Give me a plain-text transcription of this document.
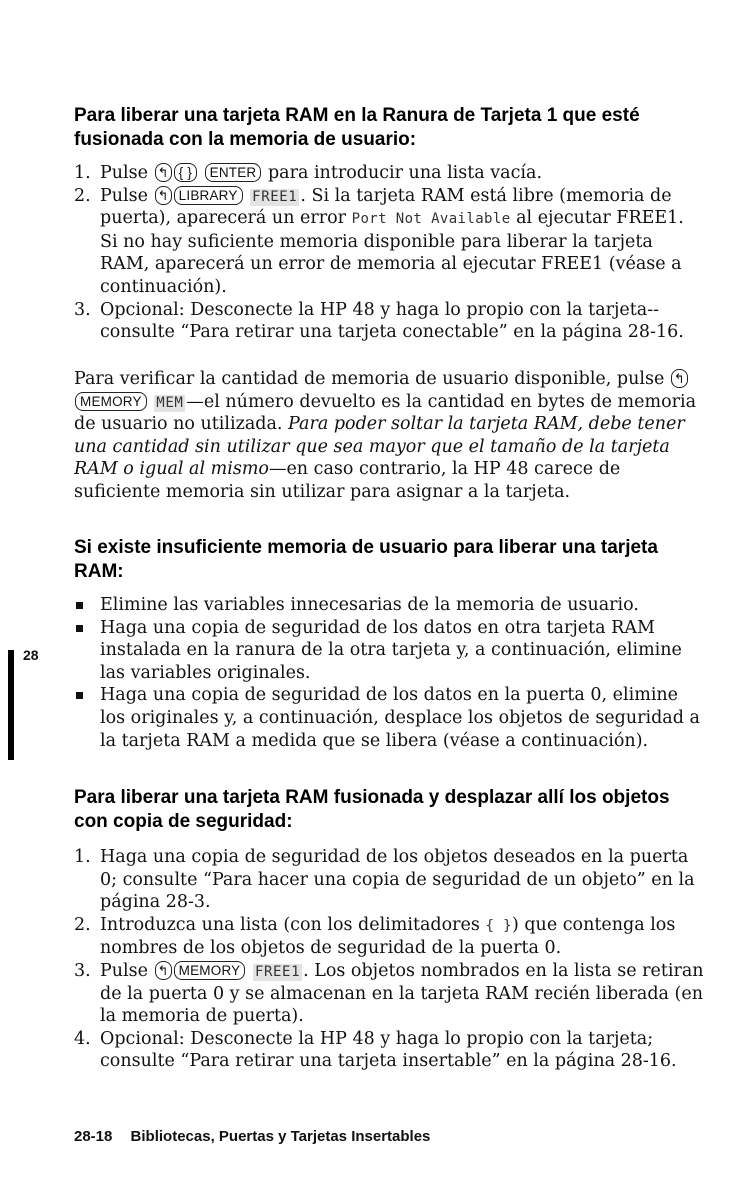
Para liberar una tarjeta RAM en la Ranura de Tarjeta 1 que esté
fusionada con la memoria de usuario:
1. Pulse ↰ { } ENTER para introducir una lista vacía.
2. Pulse ↰ LIBRARY FREE1 . Si la tarjeta RAM está libre (memoria de puerta), aparecerá un error Port Not Available al ejecutar FREE1. Si no hay suficiente memoria disponible para liberar la tarjeta RAM, aparecerá un error de memoria al ejecutar FREE1 (véase a continuación).
3. Opcional: Desconecte la HP 48 y haga lo propio con la tarjeta--consulte “Para retirar una tarjeta conectable” en la página 28-16.
Para verificar la cantidad de memoria de usuario disponible, pulse ↰MEMORY MEM —el número devuelto es la cantidad en bytes de memoria de usuario no utilizada. Para poder soltar la tarjeta RAM, debe tener una cantidad sin utilizar que sea mayor que el tamaño de la tarjeta RAM o igual al mismo—en caso contrario, la HP 48 carece de suficiente memoria sin utilizar para asignar a la tarjeta.
Si existe insuficiente memoria de usuario para liberar una tarjeta
RAM:
Elimine las variables innecesarias de la memoria de usuario.
Haga una copia de seguridad de los datos en otra tarjeta RAM instalada en la ranura de la otra tarjeta y, a continuación, elimine las variables originales.
Haga una copia de seguridad de los datos en la puerta 0, elimine los originales y, a continuación, desplace los objetos de seguridad a la tarjeta RAM a medida que se libera (véase a continuación).
28
Para liberar una tarjeta RAM fusionada y desplazar allí los objetos
con copia de seguridad:
1. Haga una copia de seguridad de los objetos deseados en la puerta 0; consulte “Para hacer una copia de seguridad de un objeto” en la página 28-3.
2. Introduzca una lista (con los delimitadores { }) que contenga los nombres de los objetos de seguridad de la puerta 0.
3. Pulse ↰ MEMORY FREE1 . Los objetos nombrados en la lista se retiran de la puerta 0 y se almacenan en la tarjeta RAM recién liberada (en la memoria de puerta).
4. Opcional: Desconecte la HP 48 y haga lo propio con la tarjeta; consulte “Para retirar una tarjeta insertable” en la página 28-16.
28-18 Bibliotecas, Puertas y Tarjetas Insertables
